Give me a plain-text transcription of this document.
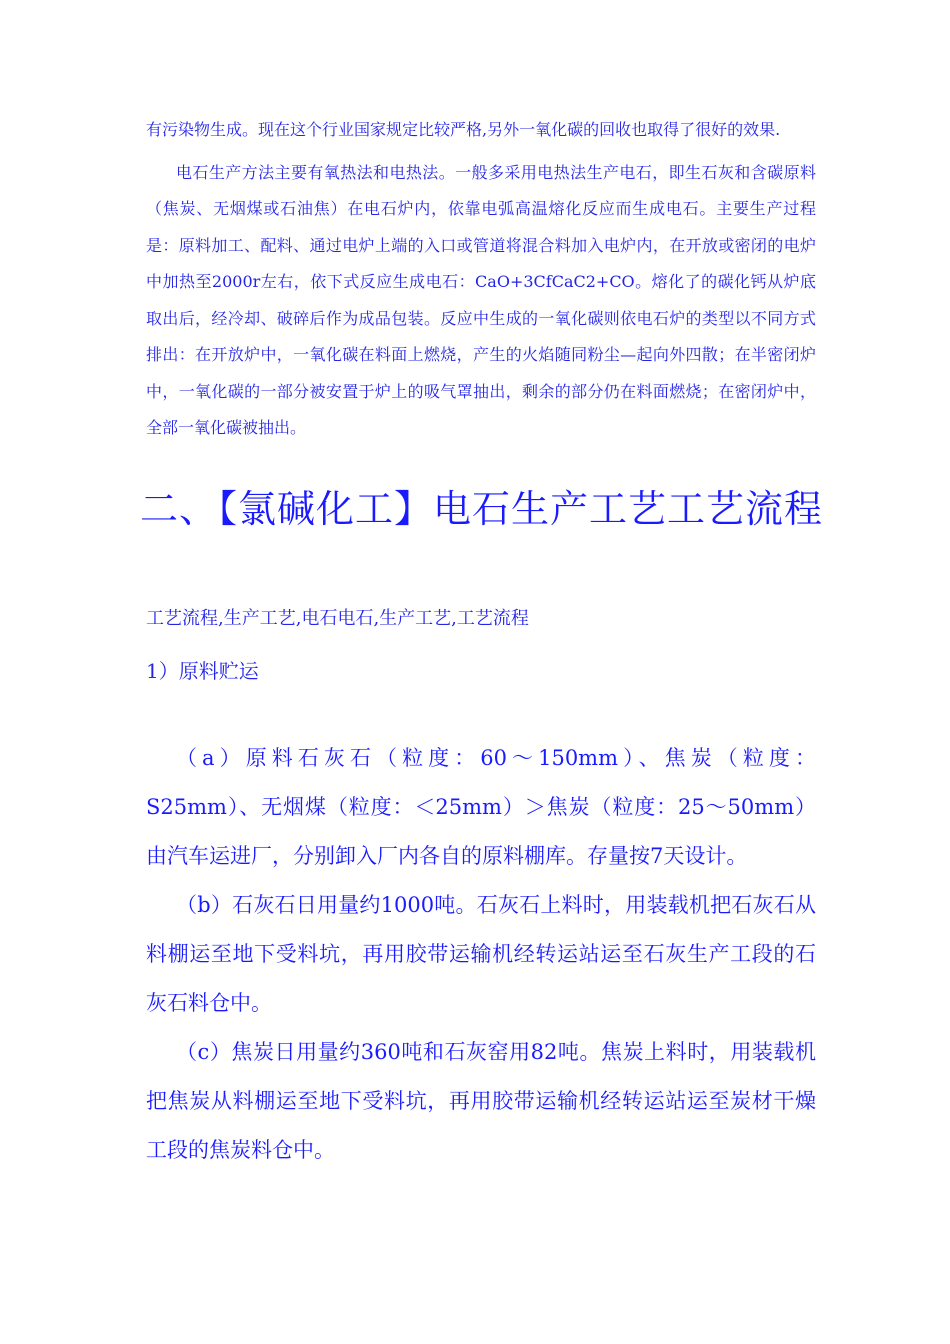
有污染物生成。现在这个行业国家规定比较严格,另外一氧化碳的回收也取得了很好的效果.

电石生产方法主要有氧热法和电热法。一般多采用电热法生产电石，即生石灰和含碳原料（焦炭、无烟煤或石油焦）在电石炉内，依靠电弧高温熔化反应而生成电石。主要生产过程是：原料加工、配料、通过电炉上端的入口或管道将混合料加入电炉内，在开放或密闭的电炉中加热至2000r左右，依下式反应生成电石：CaO+3CfCaC2+CO。熔化了的碳化钙从炉底取出后，经冷却、破碎后作为成品包装。反应中生成的一氧化碳则依电石炉的类型以不同方式排出：在开放炉中，一氧化碳在料面上燃烧，产生的火焰随同粉尘—起向外四散；在半密闭炉中，一氧化碳的一部分被安置于炉上的吸气罩抽出，剩余的部分仍在料面燃烧；在密闭炉中，全部一氧化碳被抽出。

二、【氯碱化工】电石生产工艺工艺流程
工艺流程,生产工艺,电石电石,生产工艺,工艺流程
1）原料贮运

（a）原料石灰石（粒度：60～150mm）、焦炭（粒度：S25mm）、无烟煤（粒度：＜25mm）＞焦炭（粒度：25～50mm）由汽车运进厂，分别卸入厂内各自的原料棚库。存量按7天设计。

（b）石灰石日用量约1000吨。石灰石上料时，用装载机把石灰石从料棚运至地下受料坑，再用胶带运输机经转运站运至石灰生产工段的石灰石料仓中。

（c）焦炭日用量约360吨和石灰窑用82吨。焦炭上料时，用装载机把焦炭从料棚运至地下受料坑，再用胶带运输机经转运站运至炭材干燥工段的焦炭料仓中。
